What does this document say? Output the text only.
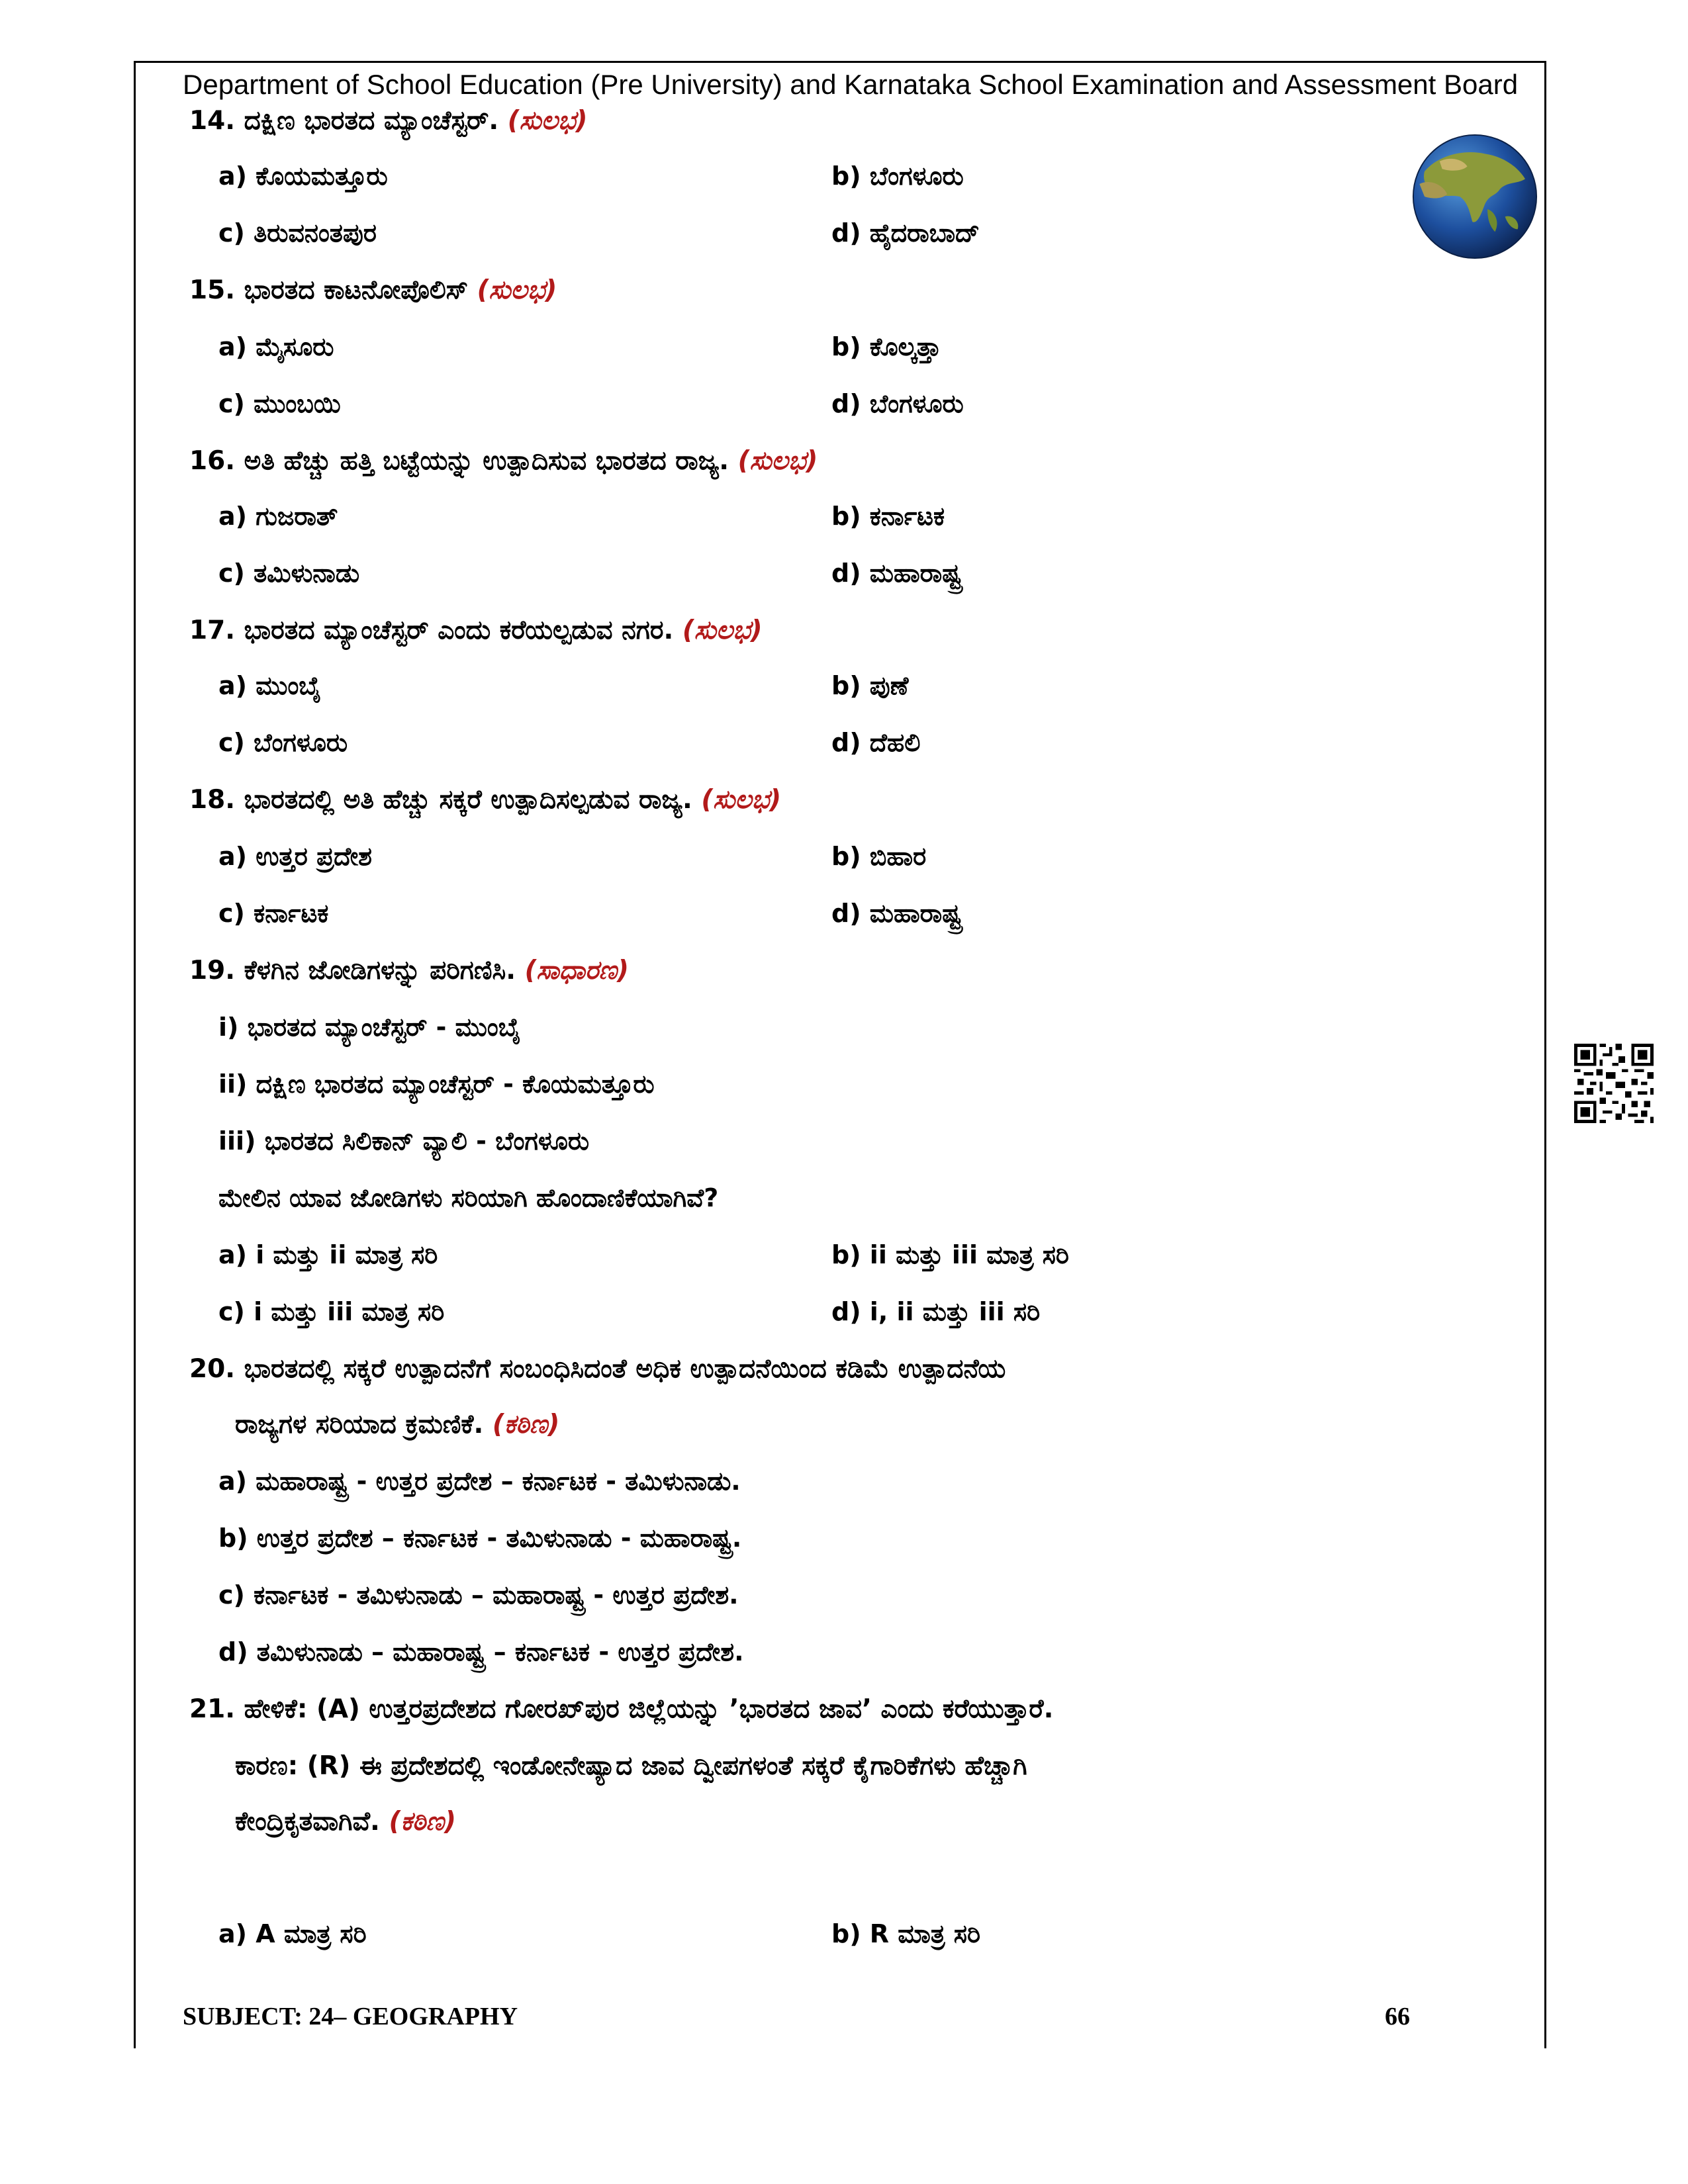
Department of School Education (Pre University) and Karnataka School Examination and Assessment Board
14. ದಕ್ಷಿಣ ಭಾರತದ ಮ್ಯಾಂಚೆಸ್ಟರ್. (ಸುಲಭ)
a) ಕೊಯಮತ್ತೂರು	b) ಬೆಂಗಳೂರು
c) ತಿರುವನಂತಪುರ	d) ಹೈದರಾಬಾದ್
15. ಭಾರತದ ಕಾಟನೋಪೊಲಿಸ್ (ಸುಲಭ)
a) ಮೈಸೂರು	b) ಕೊಲ್ಕತ್ತಾ
c) ಮುಂಬಯಿ	d) ಬೆಂಗಳೂರು
16. ಅತಿ ಹೆಚ್ಚು ಹತ್ತಿ ಬಟ್ಟೆಯನ್ನು ಉತ್ಪಾದಿಸುವ ಭಾರತದ ರಾಜ್ಯ. (ಸುಲಭ)
a) ಗುಜರಾತ್	b) ಕರ್ನಾಟಕ
c) ತಮಿಳುನಾಡು	d) ಮಹಾರಾಷ್ಟ್ರ
17. ಭಾರತದ ಮ್ಯಾಂಚೆಸ್ಟರ್ ಎಂದು ಕರೆಯಲ್ಪಡುವ ನಗರ. (ಸುಲಭ)
a) ಮುಂಬೈ	b) ಪುಣೆ
c) ಬೆಂಗಳೂರು	d) ದೆಹಲಿ
18. ಭಾರತದಲ್ಲಿ ಅತಿ ಹೆಚ್ಚು ಸಕ್ಕರೆ ಉತ್ಪಾದಿಸಲ್ಪಡುವ ರಾಜ್ಯ. (ಸುಲಭ)
a) ಉತ್ತರ ಪ್ರದೇಶ	b) ಬಿಹಾರ
c) ಕರ್ನಾಟಕ	d) ಮಹಾರಾಷ್ಟ್ರ
19. ಕೆಳಗಿನ ಜೋಡಿಗಳನ್ನು ಪರಿಗಣಿಸಿ. (ಸಾಧಾರಣ)
i) ಭಾರತದ ಮ್ಯಾಂಚೆಸ್ಟರ್ - ಮುಂಬೈ
ii) ದಕ್ಷಿಣ ಭಾರತದ ಮ್ಯಾಂಚೆಸ್ಟರ್ - ಕೊಯಮತ್ತೂರು
iii) ಭಾರತದ ಸಿಲಿಕಾನ್ ವ್ಯಾಲಿ - ಬೆಂಗಳೂರು
ಮೇಲಿನ ಯಾವ ಜೋಡಿಗಳು ಸರಿಯಾಗಿ ಹೊಂದಾಣಿಕೆಯಾಗಿವೆ?
a) i ಮತ್ತು ii ಮಾತ್ರ ಸರಿ	b) ii ಮತ್ತು iii ಮಾತ್ರ ಸರಿ
c) i ಮತ್ತು iii ಮಾತ್ರ ಸರಿ	d) i, ii ಮತ್ತು iii ಸರಿ
20. ಭಾರತದಲ್ಲಿ ಸಕ್ಕರೆ ಉತ್ಪಾದನೆಗೆ ಸಂಬಂಧಿಸಿದಂತೆ ಅಧಿಕ ಉತ್ಪಾದನೆಯಿಂದ ಕಡಿಮೆ ಉತ್ಪಾದನೆಯ
ರಾಜ್ಯಗಳ ಸರಿಯಾದ ಕ್ರಮಣಿಕೆ. (ಕಠಿಣ)
a) ಮಹಾರಾಷ್ಟ್ರ - ಉತ್ತರ ಪ್ರದೇಶ – ಕರ್ನಾಟಕ - ತಮಿಳುನಾಡು.
b) ಉತ್ತರ ಪ್ರದೇಶ – ಕರ್ನಾಟಕ - ತಮಿಳುನಾಡು - ಮಹಾರಾಷ್ಟ್ರ.
c) ಕರ್ನಾಟಕ - ತಮಿಳುನಾಡು – ಮಹಾರಾಷ್ಟ್ರ - ಉತ್ತರ ಪ್ರದೇಶ.
d) ತಮಿಳುನಾಡು – ಮಹಾರಾಷ್ಟ್ರ – ಕರ್ನಾಟಕ - ಉತ್ತರ ಪ್ರದೇಶ.
21. ಹೇಳಿಕೆ: (A) ಉತ್ತರಪ್ರದೇಶದ ಗೋರಖ್‌ಪುರ ಜಿಲ್ಲೆಯನ್ನು ’ಭಾರತದ ಜಾವ’ ಎಂದು ಕರೆಯುತ್ತಾರೆ.
ಕಾರಣ: (R) ಈ ಪ್ರದೇಶದಲ್ಲಿ ಇಂಡೋನೇಷ್ಯಾದ ಜಾವ ದ್ವೀಪಗಳಂತೆ ಸಕ್ಕರೆ ಕೈಗಾರಿಕೆಗಳು ಹೆಚ್ಚಾಗಿ
ಕೇಂದ್ರಿಕೃತವಾಗಿವೆ. (ಕಠಿಣ)
a) A ಮಾತ್ರ ಸರಿ	b) R ಮಾತ್ರ ಸರಿ
SUBJECT: 24– GEOGRAPHY	66
